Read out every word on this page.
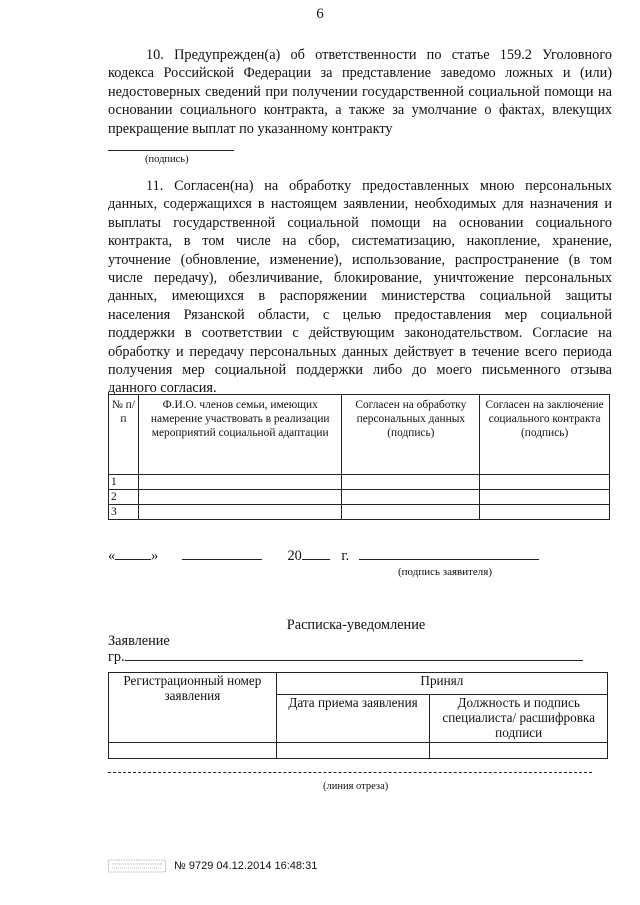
6
10. Предупрежден(а) об ответственности по статье 159.2 Уголовного кодекса Российской Федерации за представление заведомо ложных и (или) недостоверных сведений при получении государственной социальной помощи на основании социального контракта, а также за умолчание о фактах, влекущих прекращение выплат по указанному контракту
(подпись)
11. Согласен(на) на обработку предоставленных мною персональных данных, содержащихся в настоящем заявлении, необходимых для назначения и выплаты государственной социальной помощи на основании социального контракта, в том числе на сбор, систематизацию, накопление, хранение, уточнение (обновление, изменение), использование, распространение (в том числе передачу), обезличивание, блокирование, уничтожение персональных данных, имеющихся в распоряжении министерства социальной защиты населения Рязанской области, с целью предоставления мер социальной поддержки в соответствии с действующим законодательством. Согласие на обработку и передачу персональных данных действует в течение всего периода получения мер социальной поддержки либо до моего письменного отзыва данного согласия.
№ п/п	Ф.И.О. членов семьи, имеющих намерение участвовать в реализации мероприятий социальной адаптации	Согласен на обработку персональных данных (подпись)	Согласен на заключение социального контракта (подпись)
1			
2			
3			
«	»	20	г.
(подпись заявителя)
Расписка-уведомление
Заявление
гр.
Регистрационный номер заявления	Принял	
	Дата приема заявления	Должность и подпись специалиста/ расшифровка подписи

(линия отреза)
№ 9729 04.12.2014 16:48:31
